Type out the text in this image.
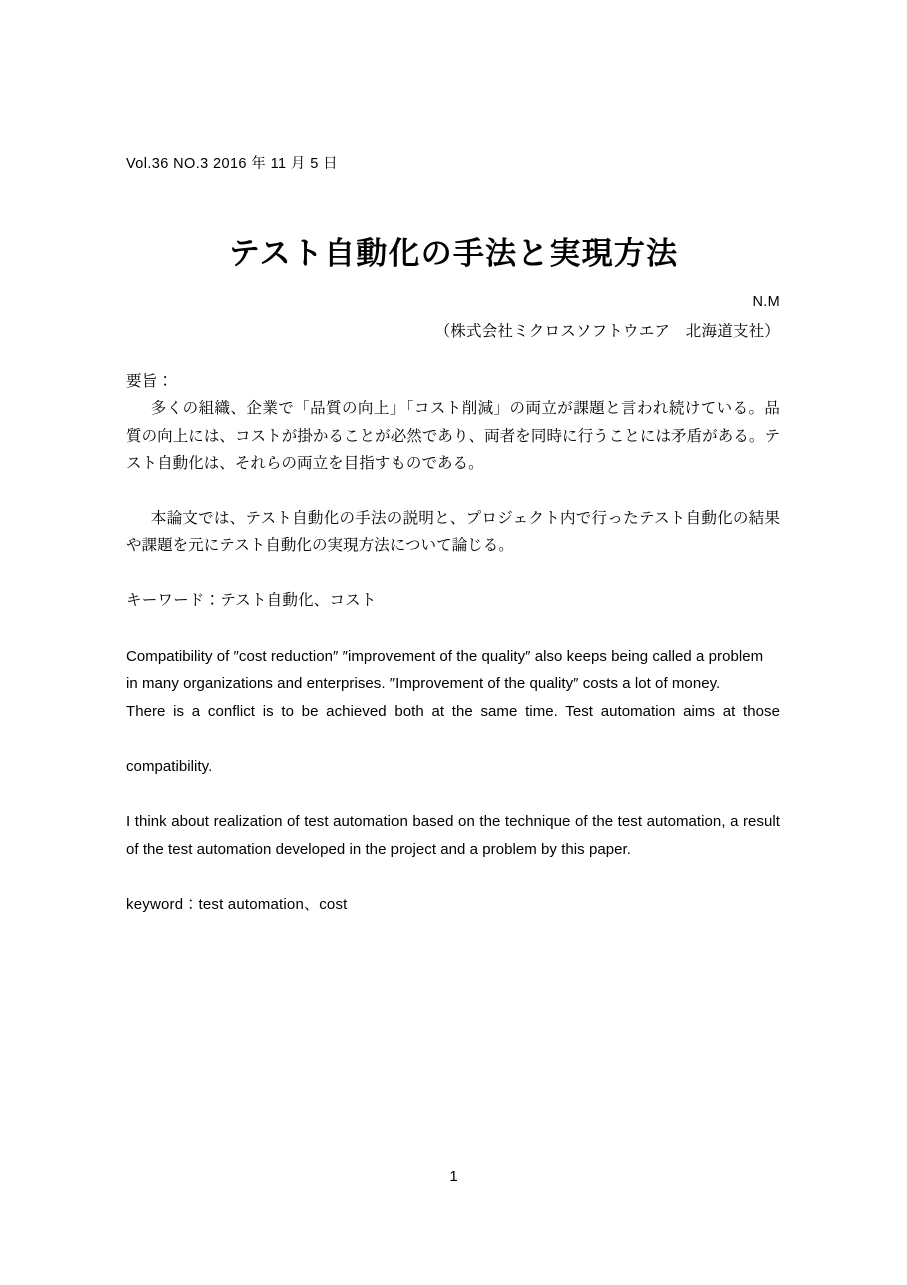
Vol.36 NO.3 2016 年 11 月 5 日
テスト自動化の手法と実現方法
N.M
（株式会社ミクロスソフトウエア　北海道支社）
要旨：

多くの組織、企業で「品質の向上」「コスト削減」の両立が課題と言われ続けている。品質の向上には、コストが掛かることが必然であり、両者を同時に行うことには矛盾がある。テスト自動化は、それらの両立を目指すものである。

本論文では、テスト自動化の手法の説明と、プロジェクト内で行ったテスト自動化の結果や課題を元にテスト自動化の実現方法について論じる。

キーワード：テスト自動化、コスト

Compatibility of ″cost reduction″ ″improvement of the quality″ also keeps being called a problem

in many organizations and enterprises. ″Improvement of the quality″ costs a lot of money.

There is a conflict is to be achieved both at the same time. Test automation aims at those

compatibility.

I think about realization of test automation based on the technique of the test automation, a result of the test automation developed in the project and a problem by this paper.

keyword：test automation、cost
1
